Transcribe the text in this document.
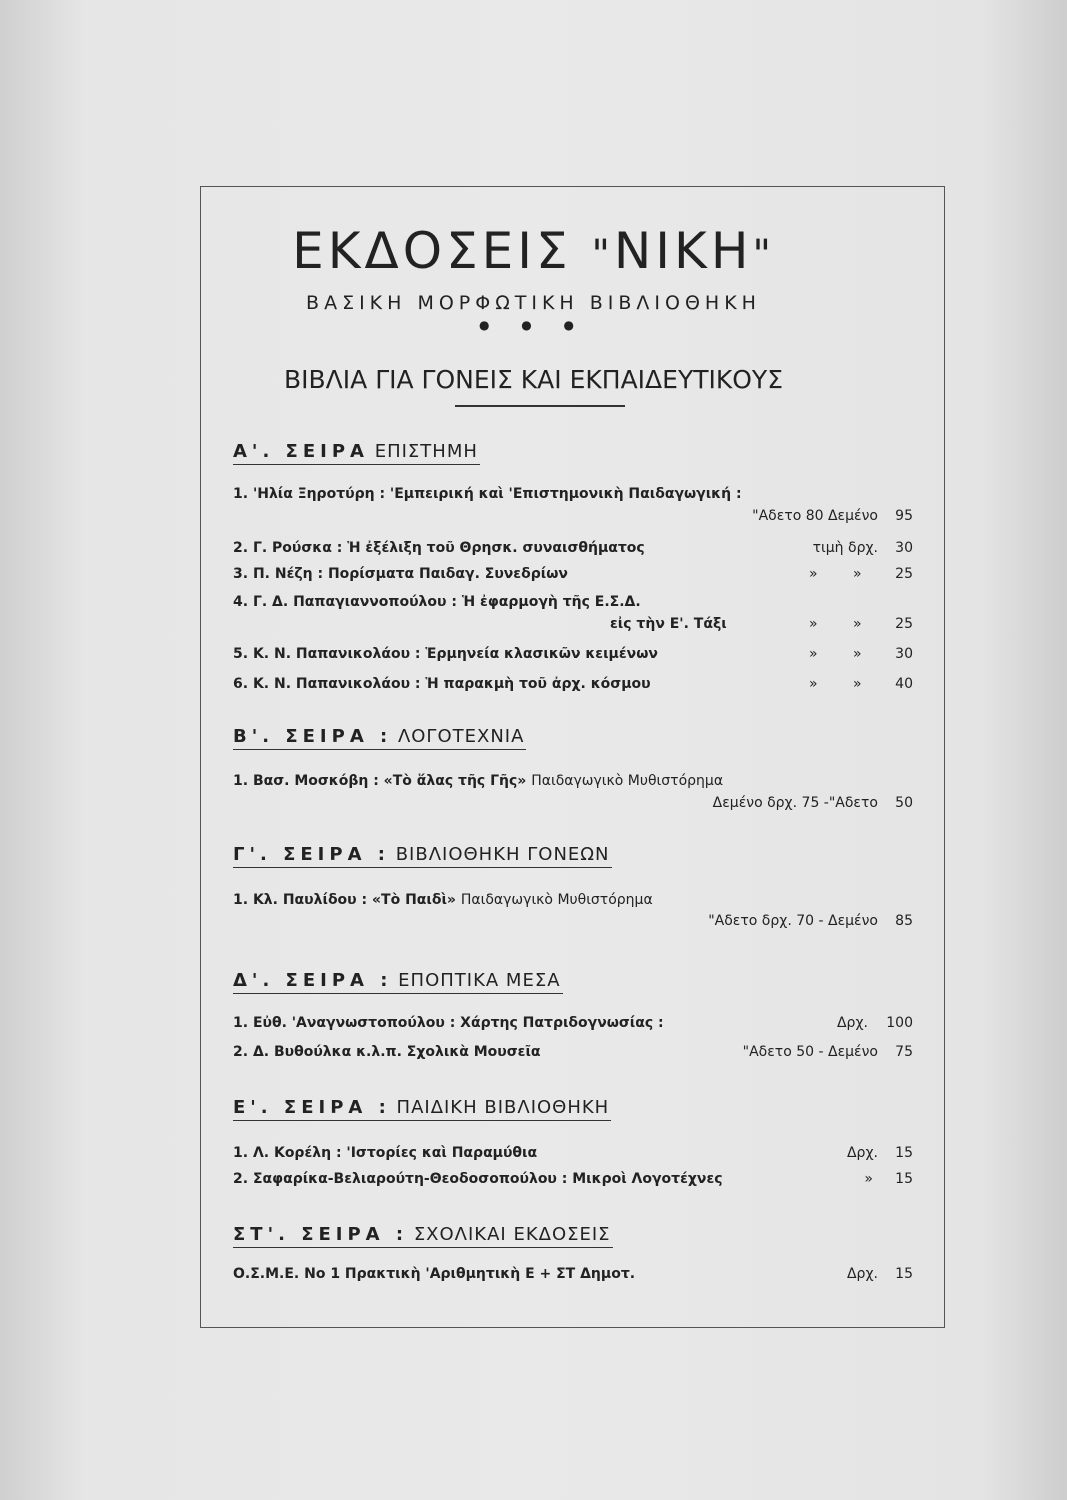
ΕΚΔΟΣΕΙΣ "ΝΙΚΗ"
ΒΑΣΙΚΗ ΜΟΡΦΩΤΙΚΗ ΒΙΒΛΙΟΘΗΚΗ
● ● ●
ΒΙΒΛΙΑ ΓΙΑ ΓΟΝΕΙΣ ΚΑΙ ΕΚΠΑΙΔΕΥΤΙΚΟΥΣ
Α'. ΣΕΙΡΑ ΕΠΙΣΤΗΜΗ
1. 'Ηλία Ξηροτύρη : 'Εμπειρική καὶ 'Επιστημονικὴ Παιδαγωγική :
"Αδετο 80 Δεμένο	95
2. Γ. Ρούσκα : Ἡ ἐξέλιξη τοῦ Θρησκ. συναισθήματος	τιμὴ δρχ.	30
3. Π. Νέζη : Πορίσματα Παιδαγ. Συνεδρίων	»	»	25
4. Γ. Δ. Παπαγιαννοπούλου : Ἡ ἐφαρμογὴ τῆς Ε.Σ.Δ.
εἰς τὴν Ε'. Τάξι	»	»	25
5. Κ. Ν. Παπανικολάου : Ἑρμηνεία κλασικῶν κειμένων	»	»	30
6. Κ. Ν. Παπανικολάου : Ἡ παρακμὴ τοῦ ἀρχ. κόσμου	»	»	40
Β'. ΣΕΙΡΑ : ΛΟΓΟΤΕΧΝΙΑ
1. Βασ. Μοσκόβη : «Τὸ ἅλας τῆς Γῆς» Παιδαγωγικὸ Μυθιστόρημα
Δεμένο δρχ. 75 -"Αδετο	50
Γ'. ΣΕΙΡΑ : ΒΙΒΛΙΟΘΗΚΗ ΓΟΝΕΩΝ
1. Κλ. Παυλίδου : «Τὸ Παιδὶ» Παιδαγωγικὸ Μυθιστόρημα
"Αδετο δρχ. 70 - Δεμένο	85
Δ'. ΣΕΙΡΑ : ΕΠΟΠΤΙΚΑ ΜΕΣΑ
1. Εὐθ. 'Αναγνωστοπούλου : Χάρτης Πατριδογνωσίας :	Δρχ.	100
2. Δ. Βυθούλκα κ.λ.π. Σχολικὰ Μουσεῖα	"Αδετο 50 - Δεμένο	75
Ε'. ΣΕΙΡΑ : ΠΑΙΔΙΚΗ ΒΙΒΛΙΟΘΗΚΗ
1. Λ. Κορέλη : 'Ιστορίες καὶ Παραμύθια	Δρχ.	15
2. Σαφαρίκα-Βελιαρούτη-Θεοδοσοπούλου : Μικροὶ Λογοτέχνες	»	15
ΣΤ'. ΣΕΙΡΑ : ΣΧΟΛΙΚΑΙ ΕΚΔΟΣΕΙΣ
Ο.Σ.Μ.Ε. Νο 1 Πρακτικὴ 'Αριθμητικὴ Ε + ΣΤ Δημοτ.	Δρχ.	15
